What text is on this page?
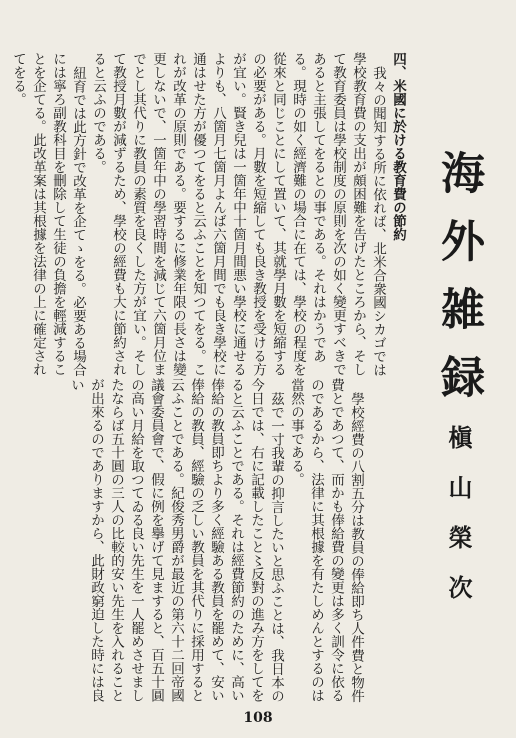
海外雑録
槇山榮次
四、米國に於ける教育費の節約

我々の聞知する所に依れば、北米合衆國シカゴでは學校教育費の支出が頗困難を告げたところから、そして教育委員は學校制度の原則を次の如く變更すべきであると主張してをるとの事である。それはかうである。現時の如く經濟難の場合に在ては、學校の程度を從來と同じことにして置いて、其就學月數を短縮するの必要がある。月數を短縮しても良き教授を受ける方が宜い。賢き兒は一箇年中十箇月間悪い學校に通せるよりも、八箇月七箇月よんば六箇月間でも良き學校に通はせた方が優つてをると云ふことを知つてをる。これが改革の原則である。要するに修業年限の長さは變更しないで、一箇年中の學習時間を減じて六箇月位までとし其代りに教員の素質を良くした方が宜い。そして教授月數が減ずるため、學校の經費も大に節約されると云ふのである。

紐育では此方針で改革を企てゝをる。必要ある場合には寧ろ副教科目を刪除して生徒の負擔を輕減することを企てる。此改革案は其根據を法律の上に確定されてをる。

學校經費の八割五分は教員の俸給即ち人件費と物件費とであつて、而かも俸給費の變更は多く訓令に依るのであるから、法律に其根據を有たしめんとするのは當然の事である。

茲で一寸我輩の抑言したいと思ふことは、我日本の今日では、右に記載したこと〻反對の進み方をしてをると云ふことである。それは經費節約のために、高い俸給の教員即ちより多く經驗ある教員を罷めて、安い俸給の教員、經驗の乏しい教員を其代りに採用すると云ふことである。紀俊秀男爵が最近の第六十二回帝國議會委員會で、假に例を擧げて見ますると、百五十圓の高い月給を取つてゐる良い先生を一人罷めさせましたならば五十圓の三人の比較的安い先生を入れることが出來るのでありますから、此財政窮迫した時には良い

108
